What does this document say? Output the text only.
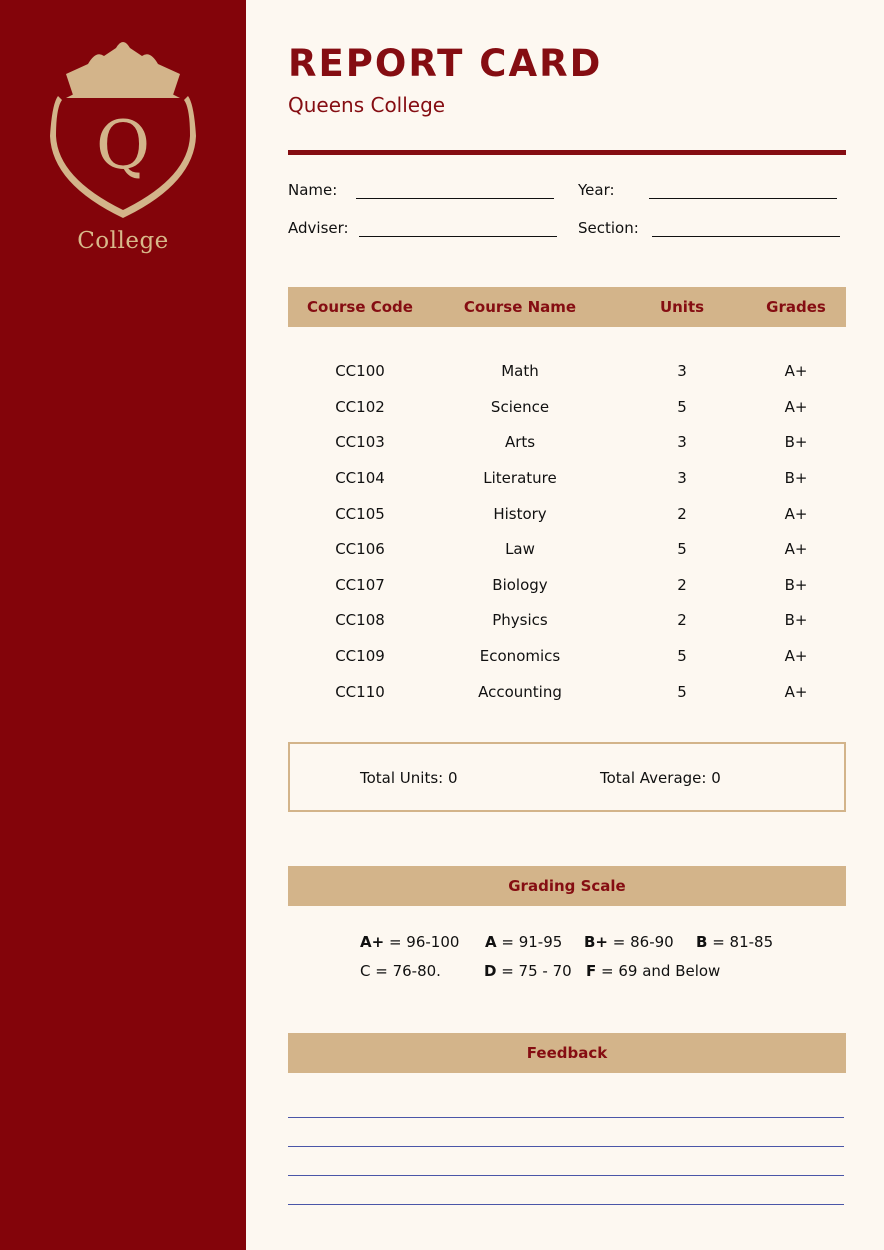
Q
College
REPORT CARD
Queens College
Name:	Year:
Adviser:	Section:
Course Code	Course Name	Units	Grades
CC100	Math	3	A+
CC102	Science	5	A+
CC103	Arts	3	B+
CC104	Literature	3	B+
CC105	History	2	A+
CC106	Law	5	A+
CC107	Biology	2	B+
CC108	Physics	2	B+
CC109	Economics	5	A+
CC110	Accounting	5	A+
Total Units: 0	Total Average: 0
Grading Scale
A+ = 96-100 A = 91-95 B+ = 86-90 B = 81-85
C = 76-80.	D = 75 - 70 F = 69 and Below
Feedback
